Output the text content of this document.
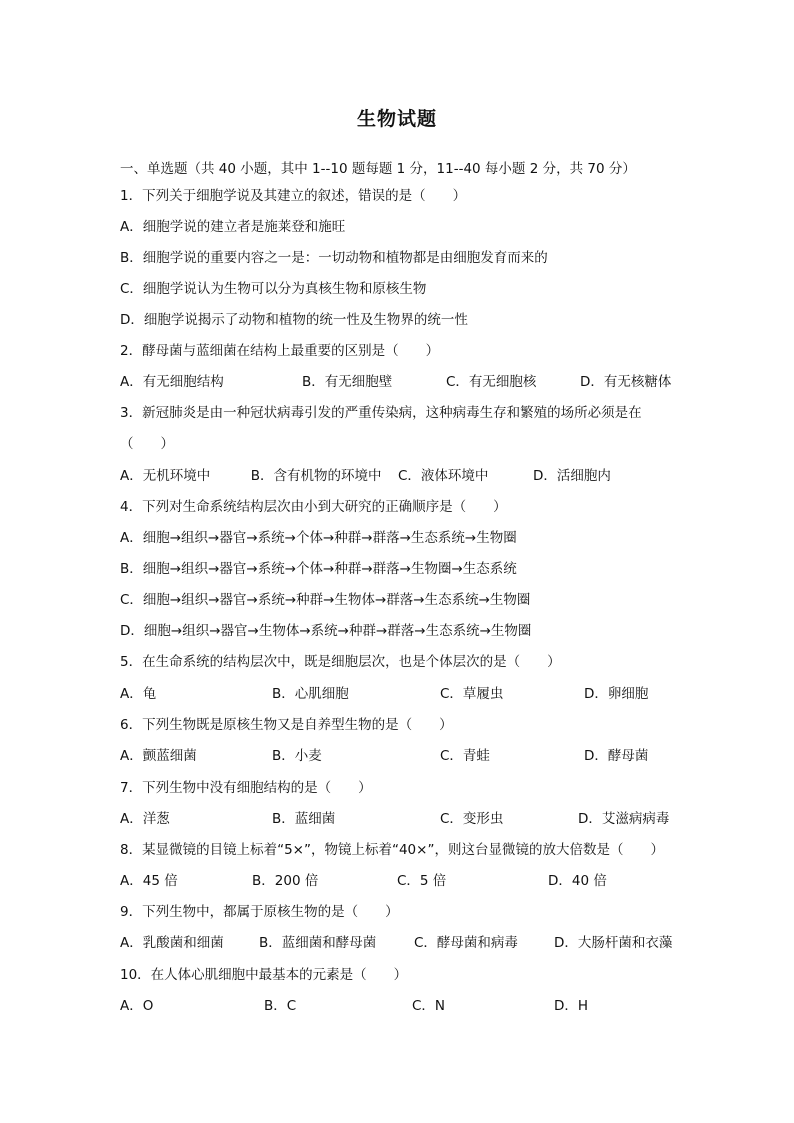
生物试题
一、单选题（共 40 小题，其中 1--10 题每题 1 分，11--40 每小题 2 分，共 70 分）
1．下列关于细胞学说及其建立的叙述，错误的是（　　）
A．细胞学说的建立者是施莱登和施旺
B．细胞学说的重要内容之一是：一切动物和植物都是由细胞发育而来的
C．细胞学说认为生物可以分为真核生物和原核生物
D．细胞学说揭示了动物和植物的统一性及生物界的统一性
2．酵母菌与蓝细菌在结构上最重要的区别是（　　）
A．有无细胞结构	B．有无细胞壁	C．有无细胞核	D．有无核糖体
3．新冠肺炎是由一种冠状病毒引发的严重传染病，这种病毒生存和繁殖的场所必须是在
（　　）
A．无机环境中　　　B．含有机物的环境中 C．液体环境中	D．活细胞内
4．下列对生命系统结构层次由小到大研究的正确顺序是（　　）
A．细胞→组织→器官→系统→个体→种群→群落→生态系统→生物圈
B．细胞→组织→器官→系统→个体→种群→群落→生物圈→生态系统
C．细胞→组织→器官→系统→种群→生物体→群落→生态系统→生物圈
D．细胞→组织→器官→生物体→系统→种群→群落→生态系统→生物圈
5．在生命系统的结构层次中，既是细胞层次，也是个体层次的是（　　）
A．龟	B．心肌细胞	C．草履虫	D．卵细胞
6．下列生物既是原核生物又是自养型生物的是（　　）
A．颤蓝细菌	B．小麦	C．青蛙	D．酵母菌
7．下列生物中没有细胞结构的是（　　）
A．洋葱	B．蓝细菌	C．变形虫	D．艾滋病病毒
8．某显微镜的目镜上标着“5×”，物镜上标着“40×”，则这台显微镜的放大倍数是（　　）
A．45 倍	B．200 倍	C．5 倍	D．40 倍
9．下列生物中，都属于原核生物的是（　　）
A．乳酸菌和细菌	B．蓝细菌和酵母菌	C．酵母菌和病毒	D．大肠杆菌和衣藻
10．在人体心肌细胞中最基本的元素是（　　）
A．O	B．C	C．N	D．H
